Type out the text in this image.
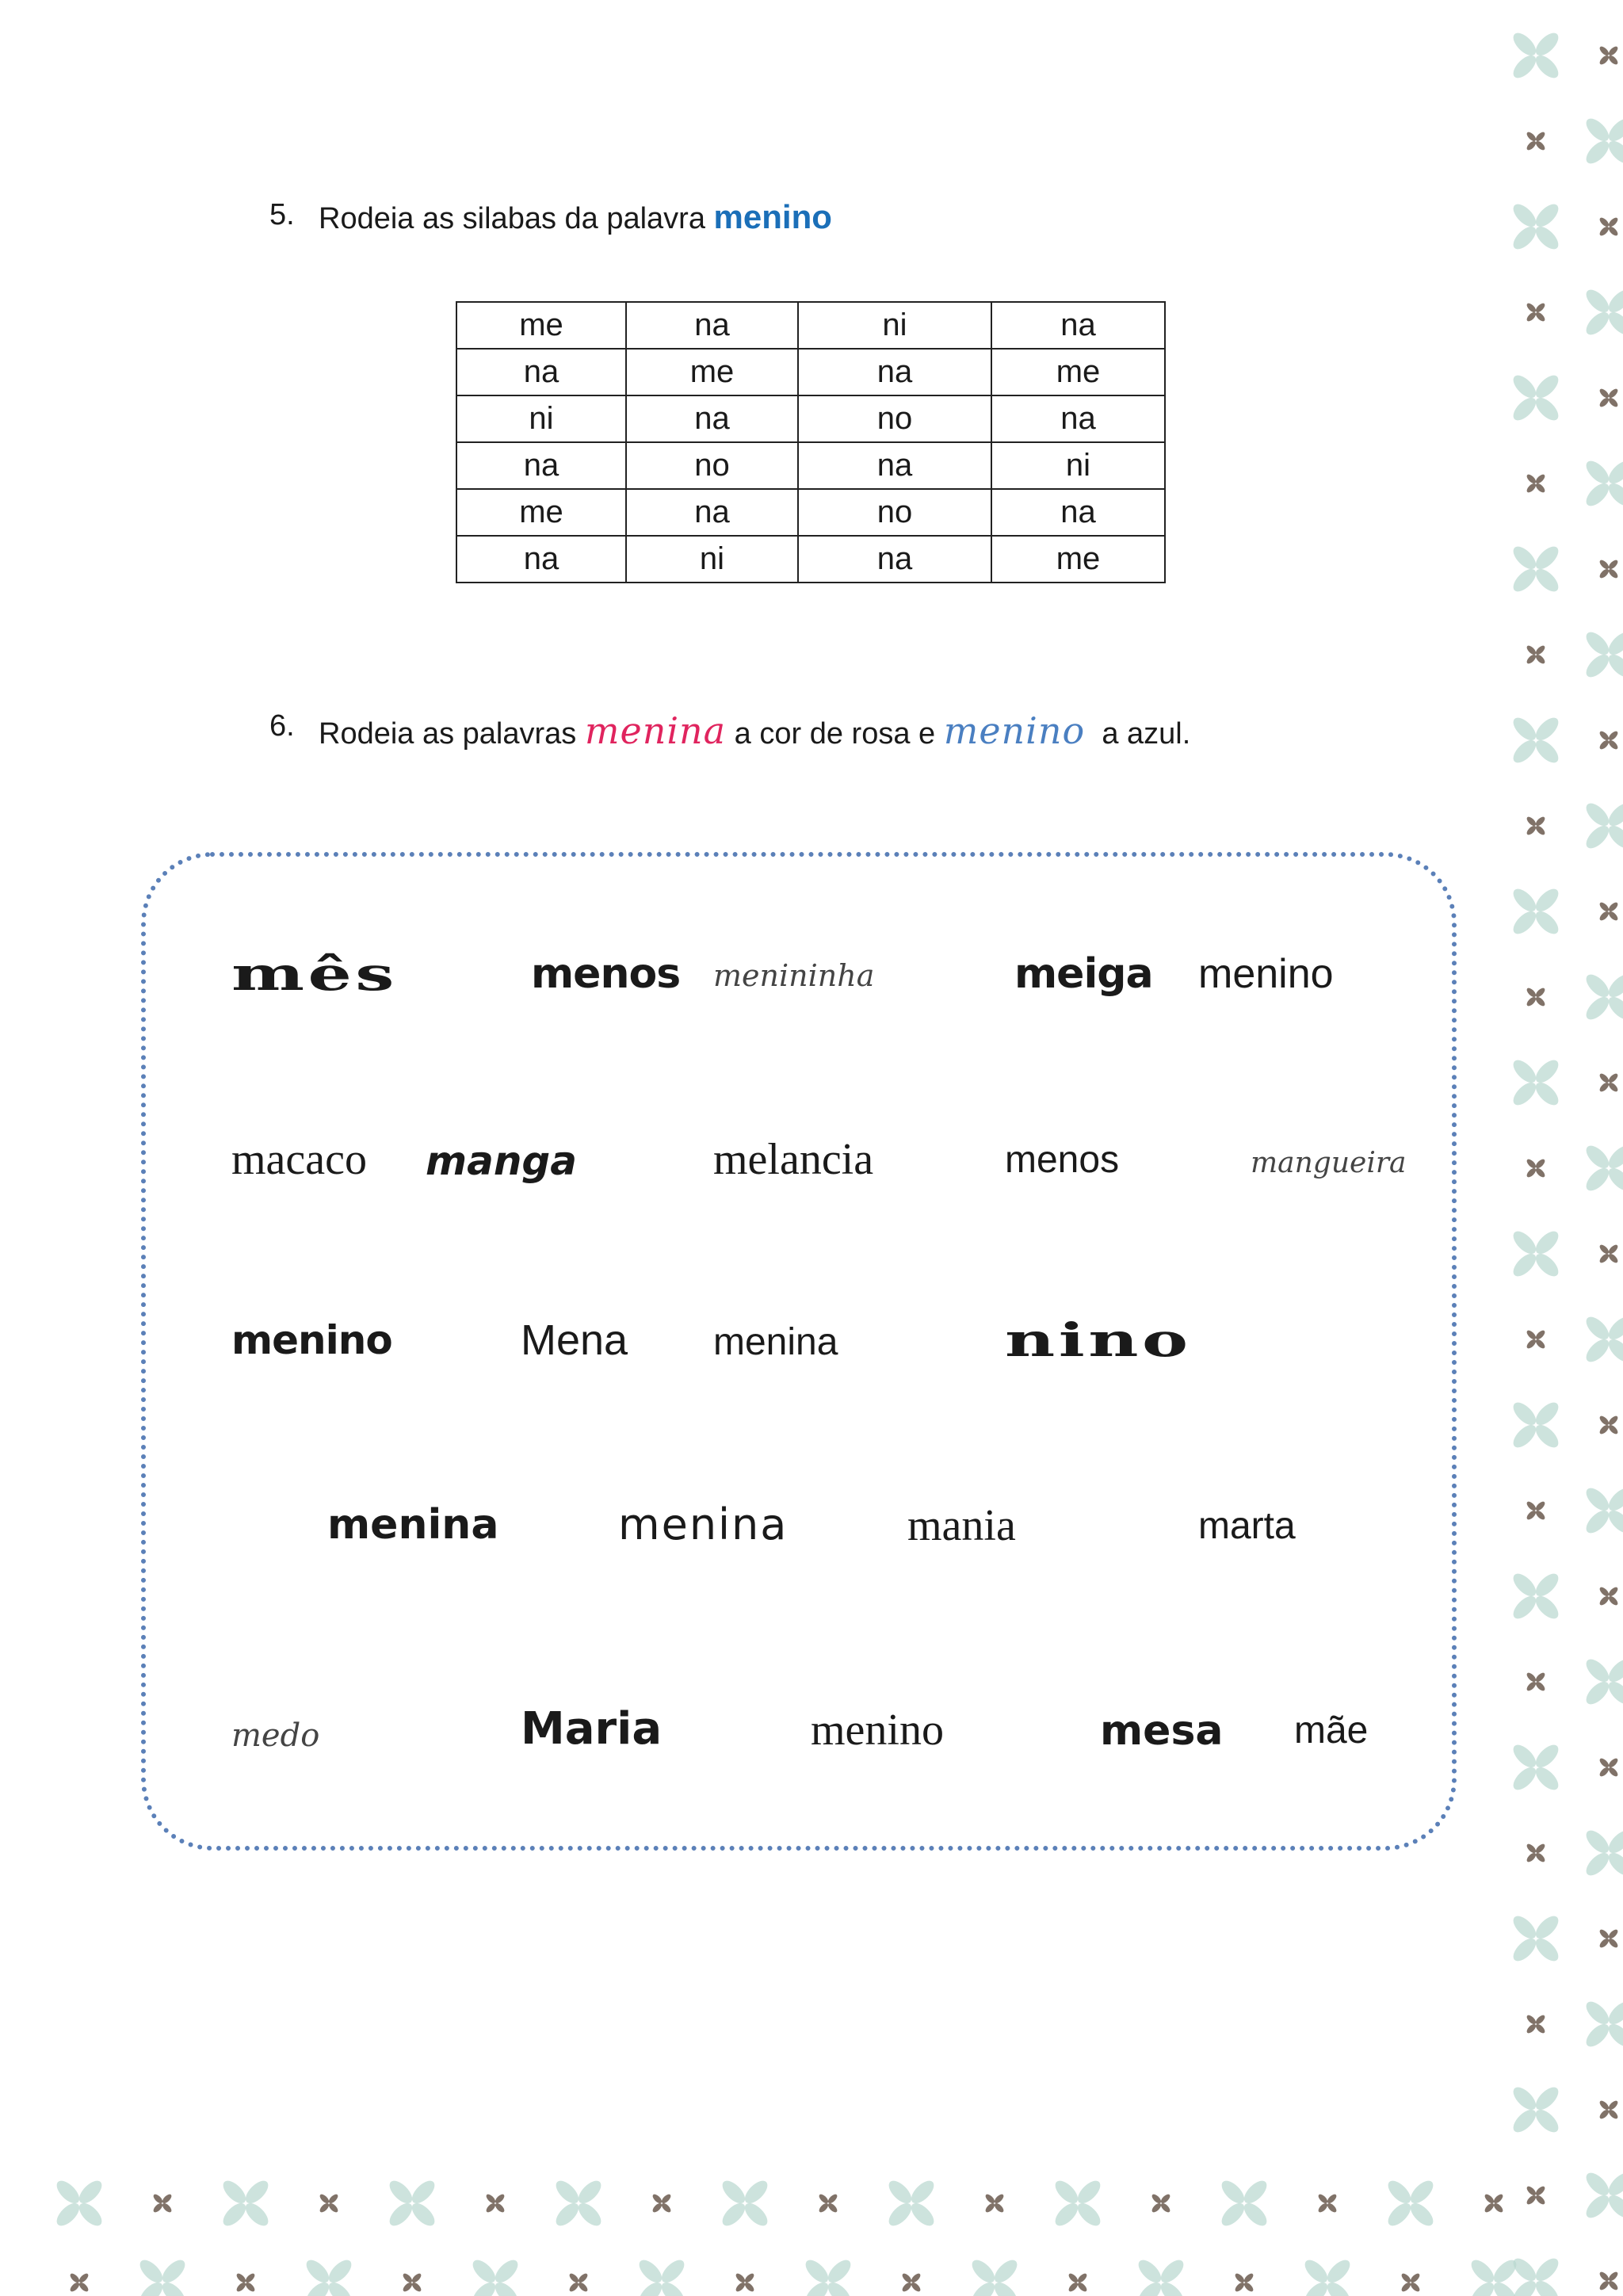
5. Rodeia as silabas da palavra menino
me	na	ni	na
na	me	na	me
ni	na	no	na
na	no	na	ni
me	na	no	na
na	ni	na	me
6. Rodeia as palavras menina a cor de rosa e menino a azul.
mês	menos menininha	meiga menino
macaco manga	melancia	menos	mangueira
menino	Mena menina	nino
menina	menina	mania	marta
medo	Maria	menino	mesa mãe
